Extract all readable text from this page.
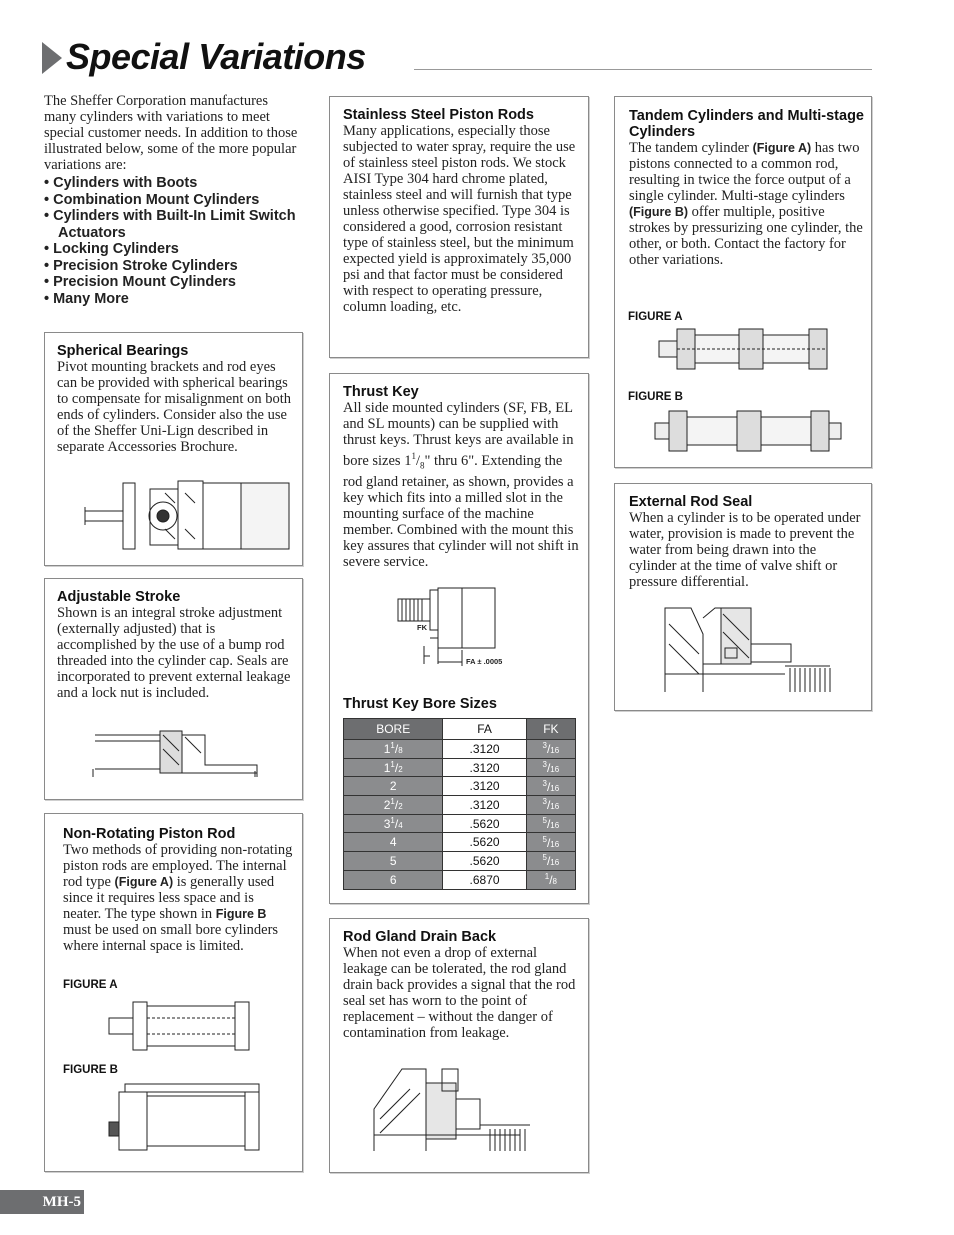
Special Variations
The Sheffer Corporation manufactures many cylinders with variations to meet special customer needs. In addition to those illustrated below, some of the more popular variations are:
• Cylinders with Boots
• Combination Mount Cylinders
• Cylinders with Built-In Limit Switch Actuators
• Locking Cylinders
• Precision Stroke Cylinders
• Precision Mount Cylinders
• Many More
Spherical Bearings

Pivot mounting brackets and rod eyes can be provided with spherical bearings to compensate for misalignment on both ends of cylinders. Consider also the use of the Sheffer Uni-Lign described in separate Accessories Brochure.

Adjustable Stroke

Shown is an integral stroke adjustment (externally adjusted) that is accomplished by the use of a bump rod threaded into the cylinder cap. Seals are incorporated to prevent external leakage and a lock nut is included.

Non-Rotating Piston Rod

Two methods of providing non-rotating piston rods are employed. The internal rod type (Figure A) is generally used since it requires less space and is neater. The type shown in Figure B must be used on small bore cylinders where internal space is limited.

FIGURE A
FIGURE B
Stainless Steel Piston Rods

Many applications, especially those subjected to water spray, require the use of stainless steel piston rods. We stock AISI Type 304 hard chrome plated, stainless steel and will furnish that type unless otherwise specified. Type 304 is considered a good, corrosion resistant type of stainless steel, but the minimum expected yield is approximately 35,000 psi and that factor must be considered with respect to operating pressure, column loading, etc.

Thrust Key

All side mounted cylinders (SF, FB, EL and SL mounts) can be supplied with thrust keys. Thrust keys are available in bore sizes $1^1/_8$" thru 6". Extending the rod gland retainer, as shown, provides a key which fits into a milled slot in the mounting surface of the machine member. Combined with the mount this key assures that cylinder will not shift in severe service.

FK
FA ± .0005
Thrust Key Bore Sizes
BORE	FA	FK
$1^1/8$	.3120	$^3$/16
$1^1/2$	.3120	$^3$/16
2	.3120	$^3$/16
$2^1/2$	.3120	$^3$/16
$3^1/4$	.5620	$^5$/16
4	.5620	$^5$/16
5	.5620	$^5$/16
6	.6870	$^1$/8
Rod Gland Drain Back

When not even a drop of external leakage can be tolerated, the rod gland drain back provides a signal that the rod seal set has worn to the point of replacement – without the danger of contamination from leakage.

Tandem Cylinders and Multi-stage Cylinders

The tandem cylinder (Figure A) has two pistons connected to a common rod, resulting in twice the force output of a single cylinder. Multi-stage cylinders (Figure B) offer multiple, positive strokes by pressurizing one cylinder, the other, or both. Contact the factory for other variations.

FIGURE A
FIGURE B
External Rod Seal

When a cylinder is to be operated under water, provision is made to prevent the water from being drawn into the cylinder at the time of valve shift or pressure differential.

MH-5
